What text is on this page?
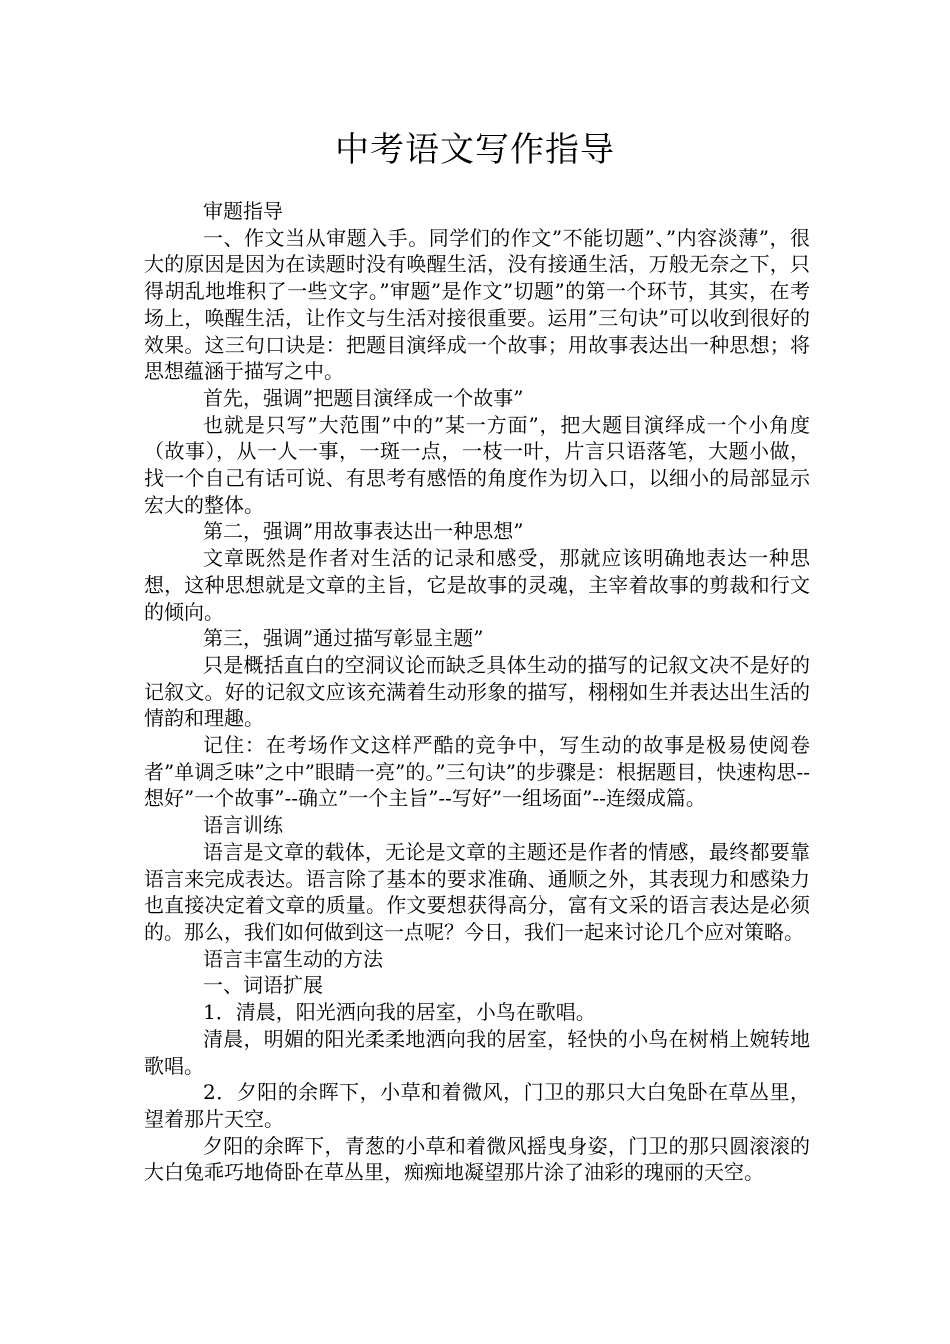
中考语文写作指导

审题指导

一、作文当从审题入手。同学们的作文”不能切题”、”内容淡薄”，很大的原因是因为在读题时没有唤醒生活，没有接通生活，万般无奈之下，只得胡乱地堆积了一些文字。”审题”是作文”切题”的第一个环节，其实，在考场上，唤醒生活，让作文与生活对接很重要。运用”三句诀”可以收到很好的效果。这三句口诀是：把题目演绎成一个故事；用故事表达出一种思想；将思想蕴涵于描写之中。

首先，强调”把题目演绎成一个故事”

也就是只写”大范围”中的”某一方面”，把大题目演绎成一个小角度（故事），从一人一事，一斑一点，一枝一叶，片言只语落笔，大题小做，找一个自己有话可说、有思考有感悟的角度作为切入口，以细小的局部显示宏大的整体。

第二，强调”用故事表达出一种思想”

文章既然是作者对生活的记录和感受，那就应该明确地表达一种思想，这种思想就是文章的主旨，它是故事的灵魂，主宰着故事的剪裁和行文的倾向。

第三，强调”通过描写彰显主题”

只是概括直白的空洞议论而缺乏具体生动的描写的记叙文决不是好的记叙文。好的记叙文应该充满着生动形象的描写，栩栩如生并表达出生活的情韵和理趣。

记住：在考场作文这样严酷的竞争中，写生动的故事是极易使阅卷者”单调乏味”之中”眼睛一亮”的。”三句诀”的步骤是：根据题目，快速构思--想好”一个故事”--确立”一个主旨”--写好”一组场面”--连缀成篇。

语言训练

语言是文章的载体，无论是文章的主题还是作者的情感，最终都要靠语言来完成表达。语言除了基本的要求准确、通顺之外，其表现力和感染力也直接决定着文章的质量。作文要想获得高分，富有文采的语言表达是必须的。那么，我们如何做到这一点呢？今日，我们一起来讨论几个应对策略。

语言丰富生动的方法

一、词语扩展

1．清晨，阳光洒向我的居室，小鸟在歌唱。

清晨，明媚的阳光柔柔地洒向我的居室，轻快的小鸟在树梢上婉转地歌唱。

2．夕阳的余晖下，小草和着微风，门卫的那只大白兔卧在草丛里，望着那片天空。

夕阳的余晖下，青葱的小草和着微风摇曳身姿，门卫的那只圆滚滚的大白兔乖巧地倚卧在草丛里，痴痴地凝望那片涂了油彩的瑰丽的天空。
